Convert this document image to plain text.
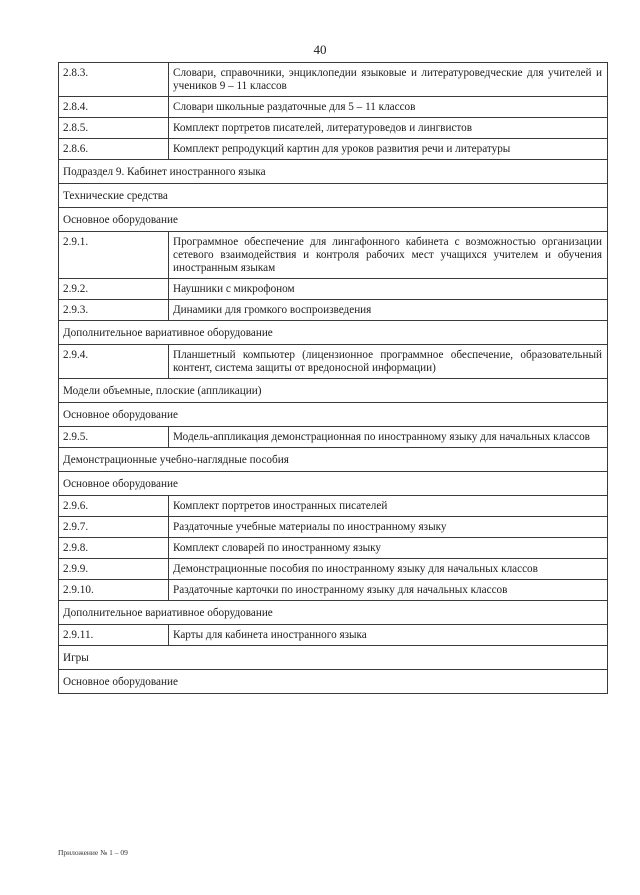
40
2.8.3.	Словари, справочники, энциклопедии языковые и литературоведческие для учителей и учеников 9 – 11 классов
2.8.4.	Словари школьные раздаточные для 5 – 11 классов
2.8.5.	Комплект портретов писателей, литературоведов и лингвистов
2.8.6.	Комплект репродукций картин для уроков развития речи и литературы
Подраздел 9. Кабинет иностранного языка	
Технические средства	
Основное оборудование	
2.9.1.	Программное обеспечение для лингафонного кабинета с возможностью организации сетевого взаимодействия и контроля рабочих мест учащихся учителем и обучения иностранным языкам
2.9.2.	Наушники с микрофоном
2.9.3.	Динамики для громкого воспроизведения
Дополнительное вариативное оборудование	
2.9.4.	Планшетный компьютер (лицензионное программное обеспечение, образовательный контент, система защиты от вредоносной информации)
Модели объемные, плоские (аппликации)	
Основное оборудование	
2.9.5.	Модель-аппликация демонстрационная по иностранному языку для начальных классов
Демонстрационные учебно-наглядные пособия	
Основное оборудование	
2.9.6.	Комплект портретов иностранных писателей
2.9.7.	Раздаточные учебные материалы по иностранному языку
2.9.8.	Комплект словарей по иностранному языку
2.9.9.	Демонстрационные пособия по иностранному языку для начальных классов
2.9.10.	Раздаточные карточки по иностранному языку для начальных классов
Дополнительное вариативное оборудование	
2.9.11.	Карты для кабинета иностранного языка
Игры	
Основное оборудование	
Приложение № 1 – 09
